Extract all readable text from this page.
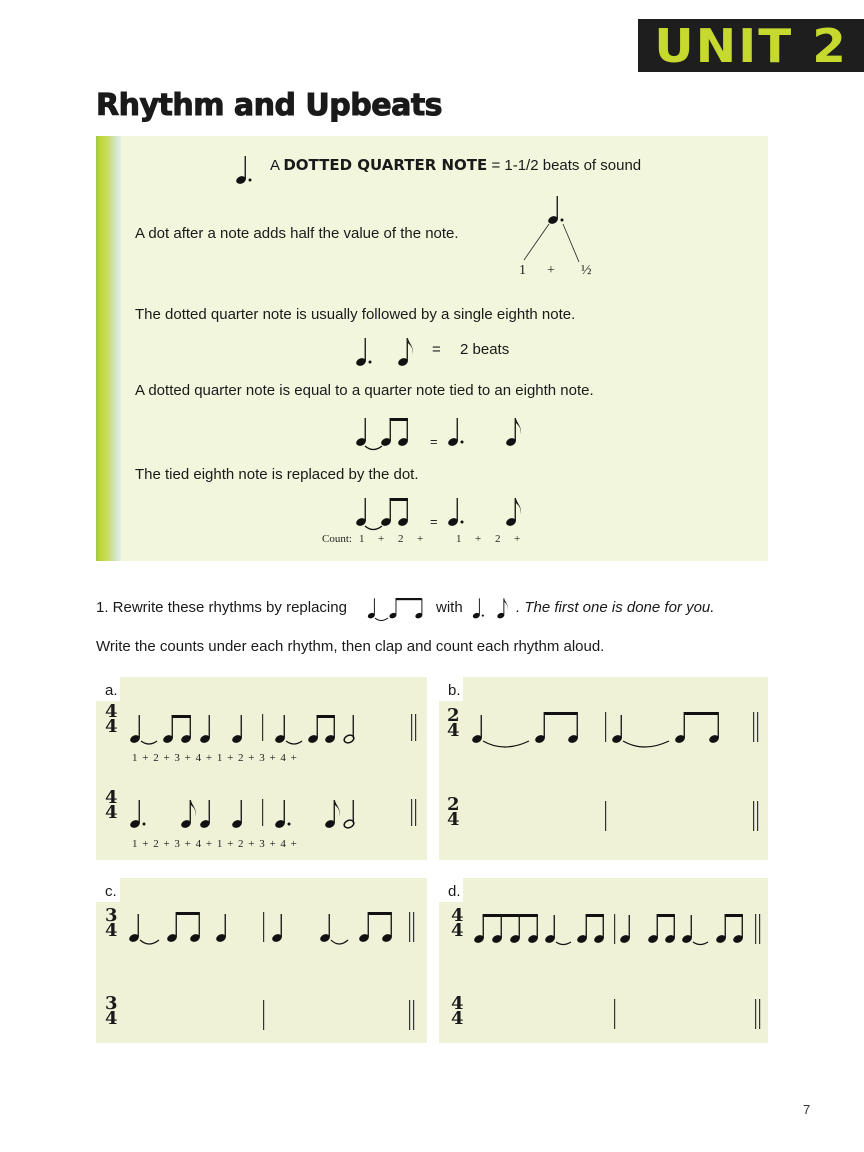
UNIT 2
Rhythm and Upbeats
A DOTTED QUARTER NOTE = 1-1/2 beats of sound
A dot after a note adds half the value of the note.
1 + ½
The dotted quarter note is usually followed by a single eighth note.
= 2 beats
A dotted quarter note is equal to a quarter note tied to an eighth note.
=
The tied eighth note is replaced by the dot.
=
Count: 1 + 2 +	1 + 2 +
1. Rewrite these rhythms by replacing	with	. The first one is done for you.
Write the counts under each rhythm, then clap and count each rhythm aloud.
a.
4
4
4
4
1 + 2 + 3 + 4 + 1 + 2 + 3 + 4 +
1 + 2 + 3 + 4 + 1 + 2 + 3 + 4 +
b.
2
4
2
4
c.
3
4
3
4
d.
4
4
4
4
7
